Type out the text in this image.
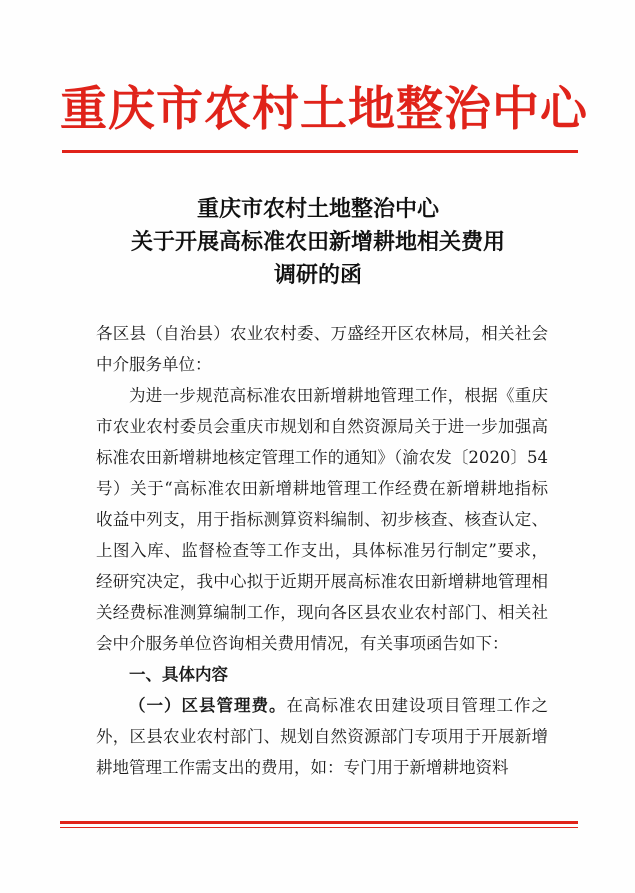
重庆市农村土地整治中心
重庆市农村土地整治中心
关于开展高标准农田新增耕地相关费用
调研的函

各区县（自治县）农业农村委、万盛经开区农林局，相关社会中介服务单位：

为进一步规范高标准农田新增耕地管理工作，根据《重庆市农业农村委员会重庆市规划和自然资源局关于进一步加强高标准农田新增耕地核定管理工作的通知》（渝农发〔2020〕54号）关于“高标准农田新增耕地管理工作经费在新增耕地指标收益中列支，用于指标测算资料编制、初步核查、核查认定、上图入库、监督检查等工作支出，具体标准另行制定”要求，经研究决定，我中心拟于近期开展高标准农田新增耕地管理相关经费标准测算编制工作，现向各区县农业农村部门、相关社会中介服务单位咨询相关费用情况，有关事项函告如下：

一、具体内容

（一）区县管理费。在高标准农田建设项目管理工作之外，区县农业农村部门、规划自然资源部门专项用于开展新增耕地管理工作需支出的费用，如：专门用于新增耕地资料
